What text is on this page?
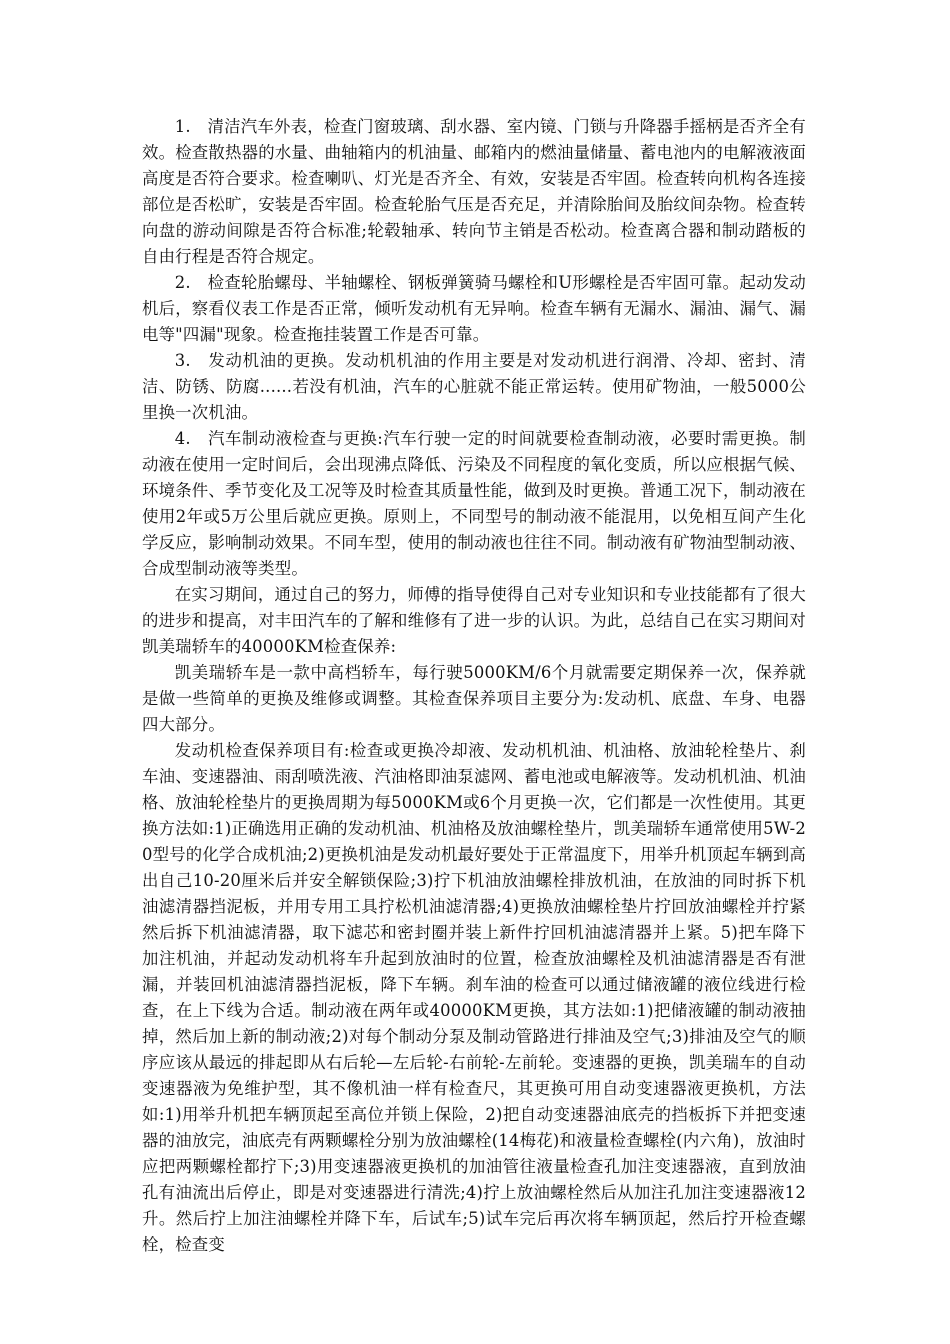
1.　清洁汽车外表，检查门窗玻璃、刮水器、室内镜、门锁与升降器手摇柄是否齐全有效。检查散热器的水量、曲轴箱内的机油量、邮箱内的燃油量储量、蓄电池内的电解液液面高度是否符合要求。检查喇叭、灯光是否齐全、有效，安装是否牢固。检查转向机构各连接部位是否松旷，安装是否牢固。检查轮胎气压是否充足，并清除胎间及胎纹间杂物。检查转向盘的游动间隙是否符合标准;轮毂轴承、转向节主销是否松动。检查离合器和制动踏板的自由行程是否符合规定。

2.　检查轮胎螺母、半轴螺栓、钢板弹簧骑马螺栓和U形螺栓是否牢固可靠。起动发动机后，察看仪表工作是否正常，倾听发动机有无异响。检查车辆有无漏水、漏油、漏气、漏电等"四漏"现象。检查拖挂装置工作是否可靠。

3.　发动机油的更换。发动机机油的作用主要是对发动机进行润滑、冷却、密封、清洁、防锈、防腐......若没有机油，汽车的心脏就不能正常运转。使用矿物油，一般5000公里换一次机油。

4.　汽车制动液检查与更换:汽车行驶一定的时间就要检查制动液，必要时需更换。制动液在使用一定时间后，会出现沸点降低、污染及不同程度的氧化变质，所以应根据气候、环境条件、季节变化及工况等及时检查其质量性能，做到及时更换。普通工况下，制动液在使用2年或5万公里后就应更换。原则上，不同型号的制动液不能混用，以免相互间产生化学反应，影响制动效果。不同车型，使用的制动液也往往不同。制动液有矿物油型制动液、合成型制动液等类型。

在实习期间，通过自己的努力，师傅的指导使得自己对专业知识和专业技能都有了很大的进步和提高，对丰田汽车的了解和维修有了进一步的认识。为此，总结自己在实习期间对凯美瑞轿车的40000KM检查保养:

凯美瑞轿车是一款中高档轿车，每行驶5000KM/6个月就需要定期保养一次，保养就是做一些简单的更换及维修或调整。其检查保养项目主要分为:发动机、底盘、车身、电器四大部分。

发动机检查保养项目有:检查或更换冷却液、发动机机油、机油格、放油轮栓垫片、刹车油、变速器油、雨刮喷洗液、汽油格即油泵滤网、蓄电池或电解液等。发动机机油、机油格、放油轮栓垫片的更换周期为每5000KM或6个月更换一次，它们都是一次性使用。其更换方法如:1)正确选用正确的发动机油、机油格及放油螺栓垫片，凯美瑞轿车通常使用5W-20型号的化学合成机油;2)更换机油是发动机最好要处于正常温度下，用举升机顶起车辆到高出自己10-20厘米后并安全解锁保险;3)拧下机油放油螺栓排放机油，在放油的同时拆下机油滤清器挡泥板，并用专用工具拧松机油滤清器;4)更换放油螺栓垫片拧回放油螺栓并拧紧然后拆下机油滤清器，取下滤芯和密封圈并装上新件拧回机油滤清器并上紧。5)把车降下加注机油，并起动发动机将车升起到放油时的位置，检查放油螺栓及机油滤清器是否有泄漏，并装回机油滤清器挡泥板，降下车辆。刹车油的检查可以通过储液罐的液位线进行检查，在上下线为合适。制动液在两年或40000KM更换，其方法如:1)把储液罐的制动液抽掉，然后加上新的制动液;2)对每个制动分泵及制动管路进行排油及空气;3)排油及空气的顺序应该从最远的排起即从右后轮—左后轮-右前轮-左前轮。变速器的更换，凯美瑞车的自动变速器液为免维护型，其不像机油一样有检查尺，其更换可用自动变速器液更换机，方法如:1)用举升机把车辆顶起至高位并锁上保险，2)把自动变速器油底壳的挡板拆下并把变速器的油放完，油底壳有两颗螺栓分别为放油螺栓(14梅花)和液量检查螺栓(内六角)，放油时应把两颗螺栓都拧下;3)用变速器液更换机的加油管往液量检查孔加注变速器液，直到放油孔有油流出后停止，即是对变速器进行清洗;4)拧上放油螺栓然后从加注孔加注变速器液12升。然后拧上加注油螺栓并降下车，后试车;5)试车完后再次将车辆顶起，然后拧开检查螺栓，检查变
